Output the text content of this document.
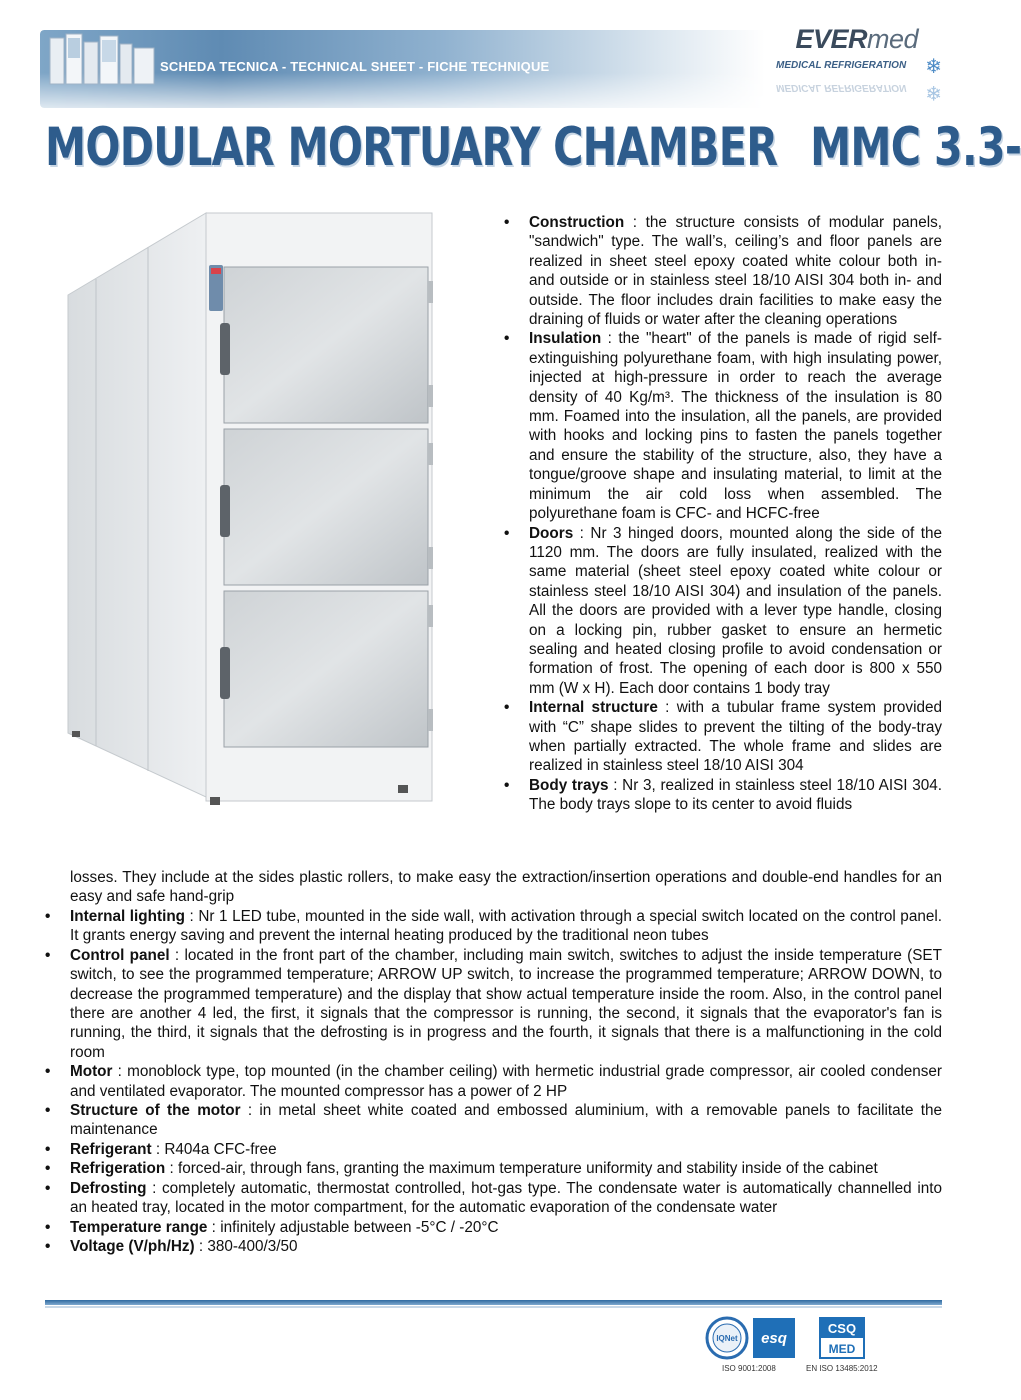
SCHEDA TECNICA - TECHNICAL SHEET - FICHE TECHNIQUE
EVERmed
MEDICAL REFRIGERATION
MEDICAL REFRIGERATION
❄
❄
MODULAR MORTUARY CHAMBER MMC 3.3-

• Construction : the structure consists of modular panels, "sandwich" type. The wall’s, ceiling’s and floor panels are realized in sheet steel epoxy coated white colour both in- and outside or in stainless steel 18/10 AISI 304 both in- and outside. The floor includes drain facilities to make easy the draining of fluids or water after the cleaning operations

• Insulation : the "heart" of the panels is made of rigid self-extinguishing polyurethane foam, with high insulating power, injected at high-pressure in order to reach the average density of 40 Kg/m³. The thickness of the insulation is 80 mm. Foamed into the insulation, all the panels, are provided with hooks and locking pins to fasten the panels together and ensure the stability of the structure, also, they have a tongue/groove shape and insulating material, to limit at the minimum the air cold loss when assembled. The polyurethane foam is CFC- and HCFC-free

• Doors : Nr 3 hinged doors, mounted along the side of the 1120 mm. The doors are fully insulated, realized with the same material (sheet steel epoxy coated white colour or stainless steel 18/10 AISI 304) and insulation of the panels. All the doors are provided with a lever type handle, closing on a locking pin, rubber gasket to ensure an hermetic sealing and heated closing profile to avoid condensation or formation of frost. The opening of each door is 800 x 550 mm (W x H). Each door contains 1 body tray

• Internal structure : with a tubular frame system provided with “C” shape slides to prevent the tilting of the body-tray when partially extracted. The whole frame and slides are realized in stainless steel 18/10 AISI 304

• Body trays : Nr 3, realized in stainless steel 18/10 AISI 304. The body trays slope to its center to avoid fluids

losses. They include at the sides plastic rollers, to make easy the extraction/insertion operations and double-end handles for an easy and safe hand-grip

• Internal lighting : Nr 1 LED tube, mounted in the side wall, with activation through a special switch located on the control panel. It grants energy saving and prevent the internal heating produced by the traditional neon tubes

• Control panel : located in the front part of the chamber, including main switch, switches to adjust the inside temperature (SET switch, to see the programmed temperature; ARROW UP switch, to increase the programmed temperature; ARROW DOWN, to decrease the programmed temperature) and the display that show actual temperature inside the room. Also, in the control panel there are another 4 led, the first, it signals that the compressor is running, the second, it signals that the evaporator's fan is running, the third, it signals that the defrosting is in progress and the fourth, it signals that there is a malfunctioning in the cold room

• Motor : monoblock type, top mounted (in the chamber ceiling) with hermetic industrial grade compressor, air cooled condenser and ventilated evaporator. The mounted compressor has a power of 2 HP

• Structure of the motor : in metal sheet white coated and embossed aluminium, with a removable panels to facilitate the maintenance

• Refrigerant : R404a CFC-free

• Refrigeration : forced-air, through fans, granting the maximum temperature uniformity and stability inside of the cabinet

• Defrosting : completely automatic, thermostat controlled, hot-gas type. The condensate water is automatically channelled into an heated tray, located in the motor compartment, for the automatic evaporation of the condensate water

• Temperature range : infinitely adjustable between -5°C / -20°C

• Voltage (V/ph/Hz) : 380-400/3/50

IQNet esq
ISO 9001:2008
CSQ
MED
EN ISO 13485:2012
